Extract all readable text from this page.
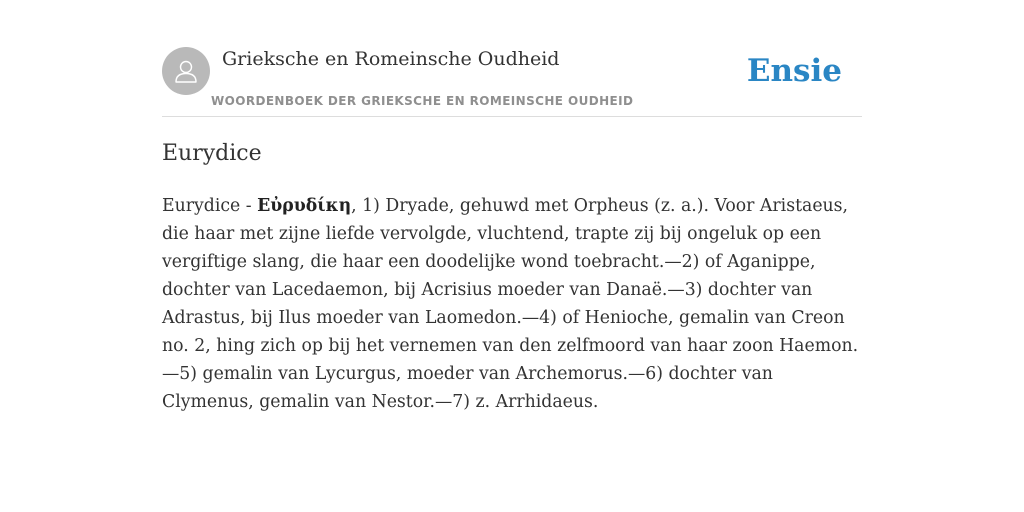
Grieksche en Romeinsche Oudheid
WOORDENBOEK DER GRIEKSCHE EN ROMEINSCHE OUDHEID
Ensie
Eurydice

Eurydice - Εὐρυδίκη, 1) Dryade, gehuwd met Orpheus (z. a.). Voor Aristaeus, die haar met zijne liefde vervolgde, vluchtend, trapte zij bij ongeluk op een vergiftige slang, die haar een doodelijke wond toebracht.—2) of Aganippe, dochter van Lacedaemon, bij Acrisius moeder van Danaë.—3) dochter van Adrastus, bij Ilus moeder van Laomedon.—4) of Henioche, gemalin van Creon no. 2, hing zich op bij het vernemen van den zelfmoord van haar zoon Haemon.—5) gemalin van Lycurgus, moeder van Archemorus.—6) dochter van Clymenus, gemalin van Nestor.—7) z. Arrhidaeus.
